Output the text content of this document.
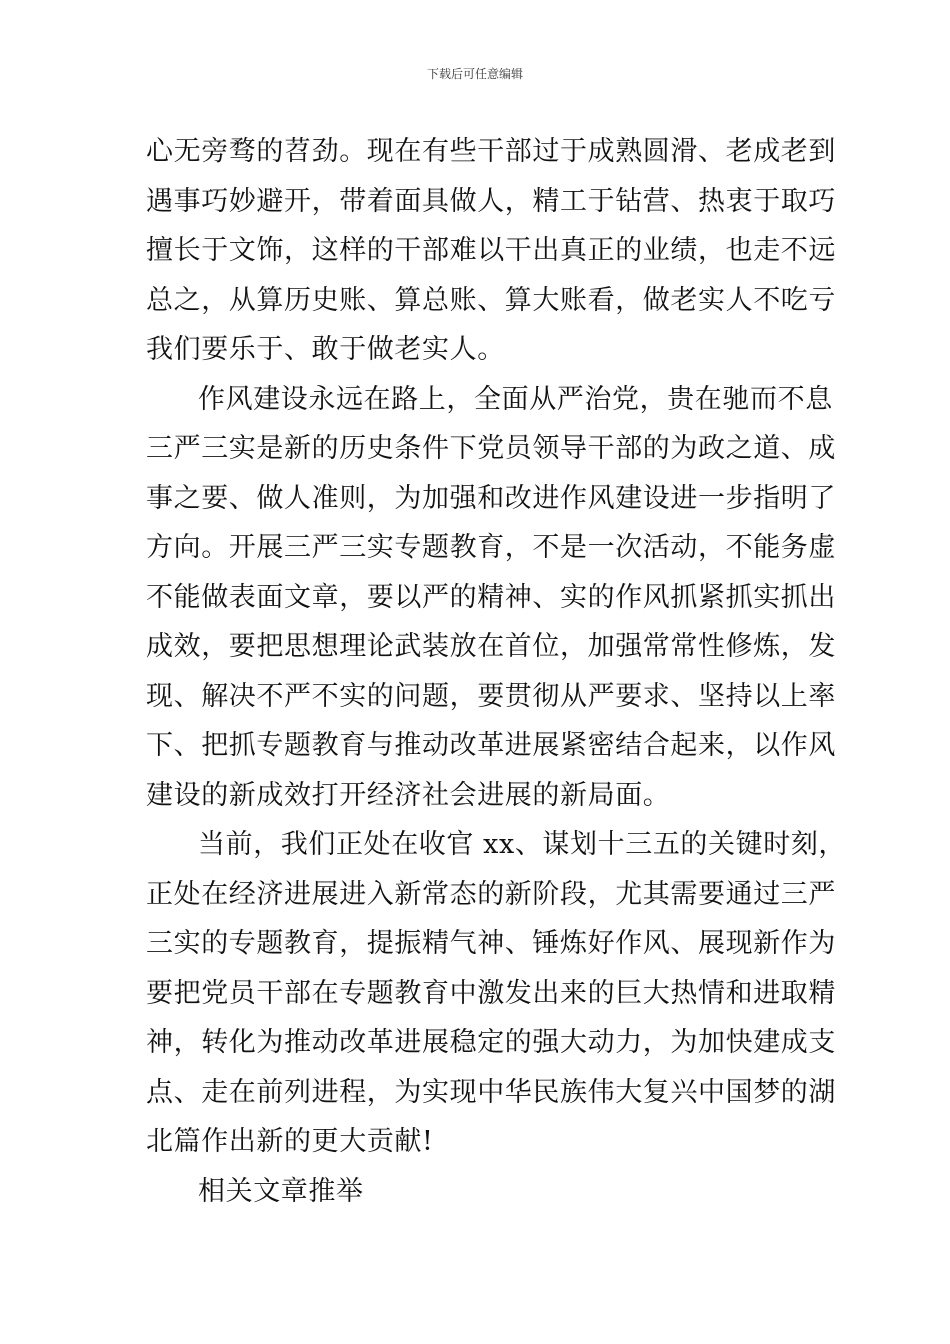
下载后可任意编辑
心无旁骛的苕劲。现在有些干部过于成熟圆滑、老成老到
遇事巧妙避开，带着面具做人，精工于钻营、热衷于取巧
擅长于文饰，这样的干部难以干出真正的业绩，也走不远
总之，从算历史账、算总账、算大账看，做老实人不吃亏
我们要乐于、敢于做老实人。
作风建设永远在路上，全面从严治党，贵在驰而不息
三严三实是新的历史条件下党员领导干部的为政之道、成
事之要、做人准则，为加强和改进作风建设进一步指明了
方向。开展三严三实专题教育，不是一次活动，不能务虚
不能做表面文章，要以严的精神、实的作风抓紧抓实抓出
成效，要把思想理论武装放在首位，加强常常性修炼，发
现、解决不严不实的问题，要贯彻从严要求、坚持以上率
下、把抓专题教育与推动改革进展紧密结合起来，以作风
建设的新成效打开经济社会进展的新局面。
当前，我们正处在收官 xx、谋划十三五的关键时刻，
正处在经济进展进入新常态的新阶段，尤其需要通过三严
三实的专题教育，提振精气神、锤炼好作风、展现新作为
要把党员干部在专题教育中激发出来的巨大热情和进取精
神，转化为推动改革进展稳定的强大动力，为加快建成支
点、走在前列进程，为实现中华民族伟大复兴中国梦的湖
北篇作出新的更大贡献!
相关文章推举
